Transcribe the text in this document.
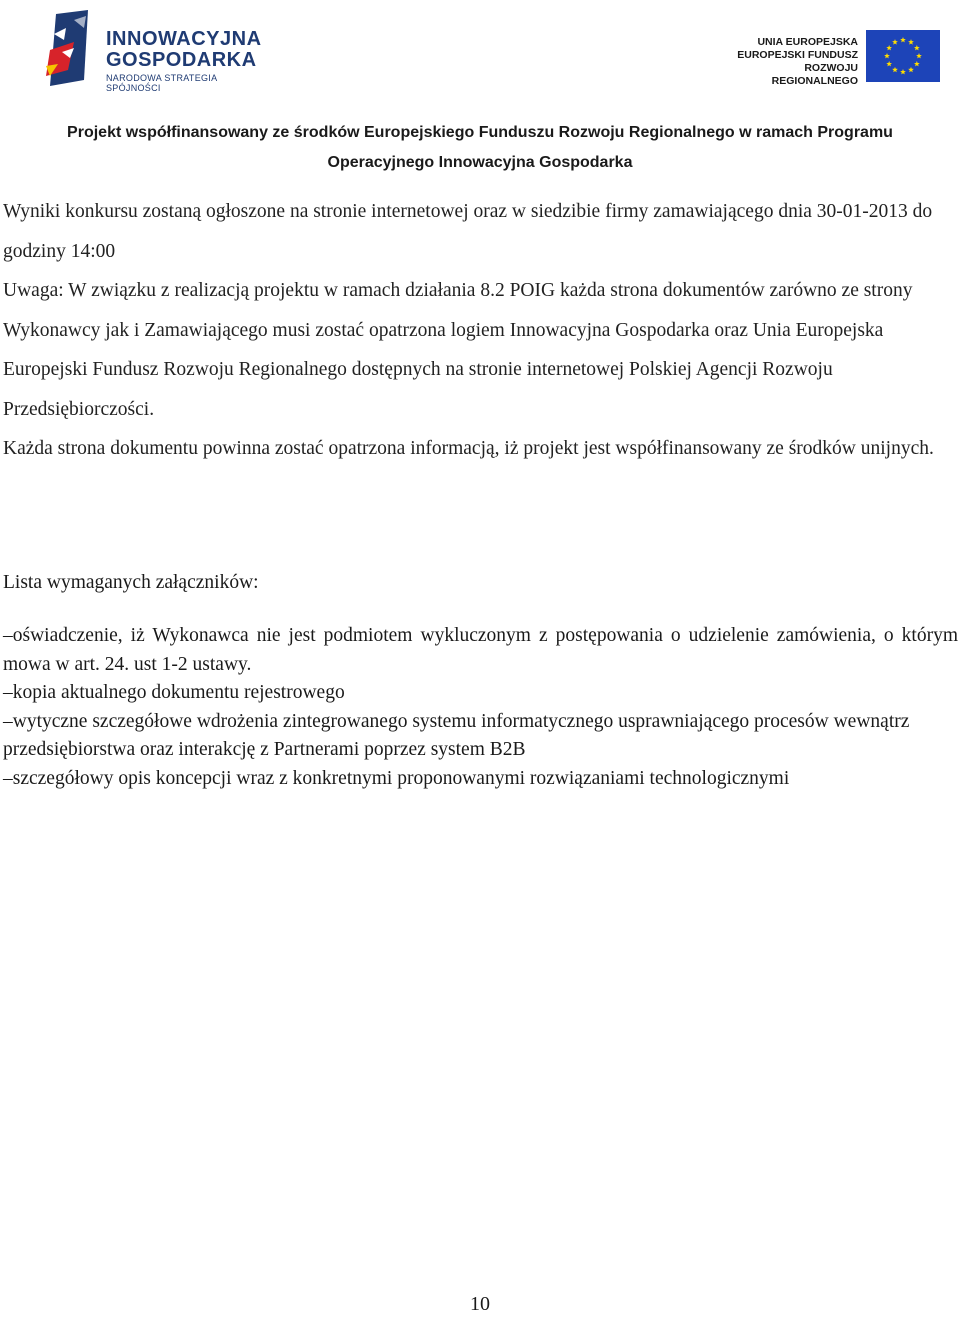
INNOWACYJNA
GOSPODARKA
NARODOWA STRATEGIA SPÓJNOŚCI
UNIA EUROPEJSKA
EUROPEJSKI FUNDUSZ
ROZWOJU REGIONALNEGO
Projekt współfinansowany ze środków Europejskiego Funduszu Rozwoju Regionalnego w ramach Programu
Operacyjnego Innowacyjna Gospodarka

Wyniki konkursu zostaną ogłoszone na stronie internetowej oraz w siedzibie firmy zamawiającego dnia 30-01-2013 do godziny 14:00

Uwaga: W związku z realizacją projektu w ramach działania 8.2 POIG każda strona dokumentów zarówno ze strony Wykonawcy jak i Zamawiającego musi zostać opatrzona logiem Innowacyjna Gospodarka oraz Unia Europejska Europejski Fundusz Rozwoju Regionalnego dostępnych na stronie internetowej Polskiej Agencji Rozwoju Przedsiębiorczości.

Każda strona dokumentu powinna zostać opatrzona informacją, iż projekt jest współfinansowany ze środków unijnych.

Lista wymaganych załączników:

–oświadczenie, iż Wykonawca nie jest podmiotem wykluczonym z postępowania o udzielenie zamówienia, o którym mowa w art. 24. ust 1-2 ustawy.

–kopia aktualnego dokumentu rejestrowego

–wytyczne szczegółowe wdrożenia zintegrowanego systemu informatycznego usprawniającego procesów wewnątrz przedsiębiorstwa oraz interakcję z Partnerami poprzez system B2B

–szczegółowy opis koncepcji wraz z konkretnymi proponowanymi rozwiązaniami technologicznymi

10
